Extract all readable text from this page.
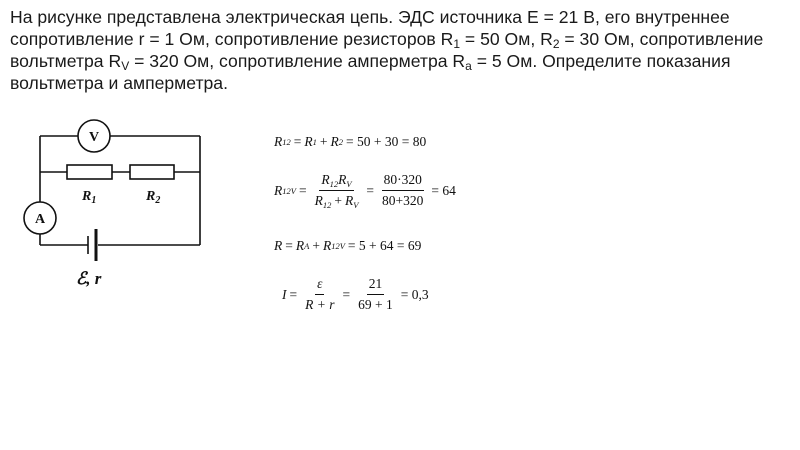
На рисунке представлена электрическая цепь. ЭДС источника E = 21 В, его внутреннее сопротивление r = 1 Ом, сопротивление резисторов $R_1 = 50$ Ом, $R_2 = 30$ Ом, сопротивление вольтметра $R_V = 320$ Ом, сопротивление амперметра $R_a = 5$ Ом. Определите показания вольтметра и амперметра.
V
A
$R_1$	$R_2$
ℰ, r
R 12 = R 1 + R 2 = 50 + 30 = 80
R $12V = \frac{R_{12}R_V}{R_{12} + R_V} = \frac{80\cdot 320}{80+320} = 64$
R = R A + R 12V = 5 + 64 = 69
$I = \frac{\varepsilon}{R + r} = \frac{21}{69 + 1} = 0,3$
